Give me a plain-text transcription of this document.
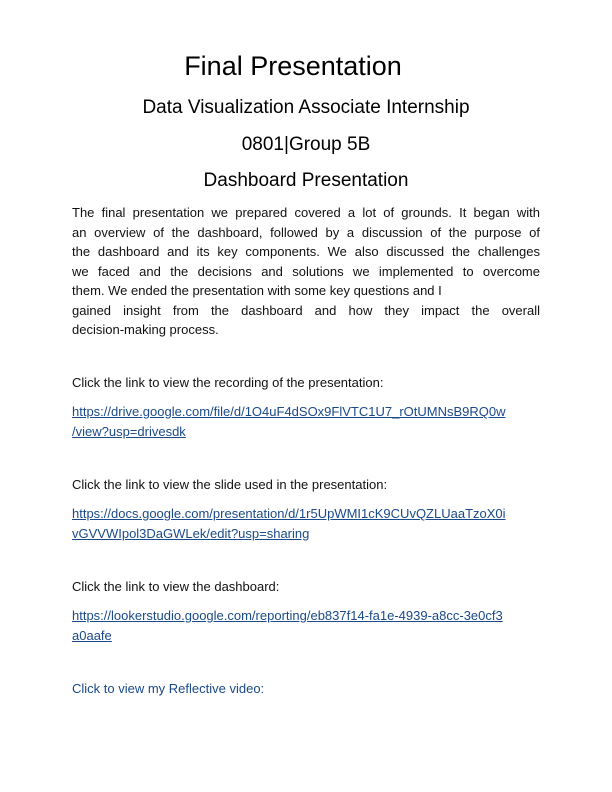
Final Presentation
Data Visualization Associate Internship
0801|Group 5B
Dashboard Presentation
The final presentation we prepared covered a lot of grounds. It began with
an overview of the dashboard, followed by a discussion of the purpose of
the dashboard and its key components. We also discussed the challenges
we faced and the decisions and solutions we implemented to overcome
them. We ended the presentation with some key questions and I
gained insight from the dashboard and how they impact the overall
decision-making process.
Click the link to view the recording of the presentation:
https://drive.google.com/file/d/1O4uF4dSOx9FlVTC1U7_rOtUMNsB9RQ0w
/view?usp=drivesdk
Click the link to view the slide used in the presentation:
https://docs.google.com/presentation/d/1r5UpWMI1cK9CUvQZLUaaTzoX0i
vGVVWIpol3DaGWLek/edit?usp=sharing
Click the link to view the dashboard:
https://lookerstudio.google.com/reporting/eb837f14-fa1e-4939-a8cc-3e0cf3
a0aafe
Click to view my Reflective video:
